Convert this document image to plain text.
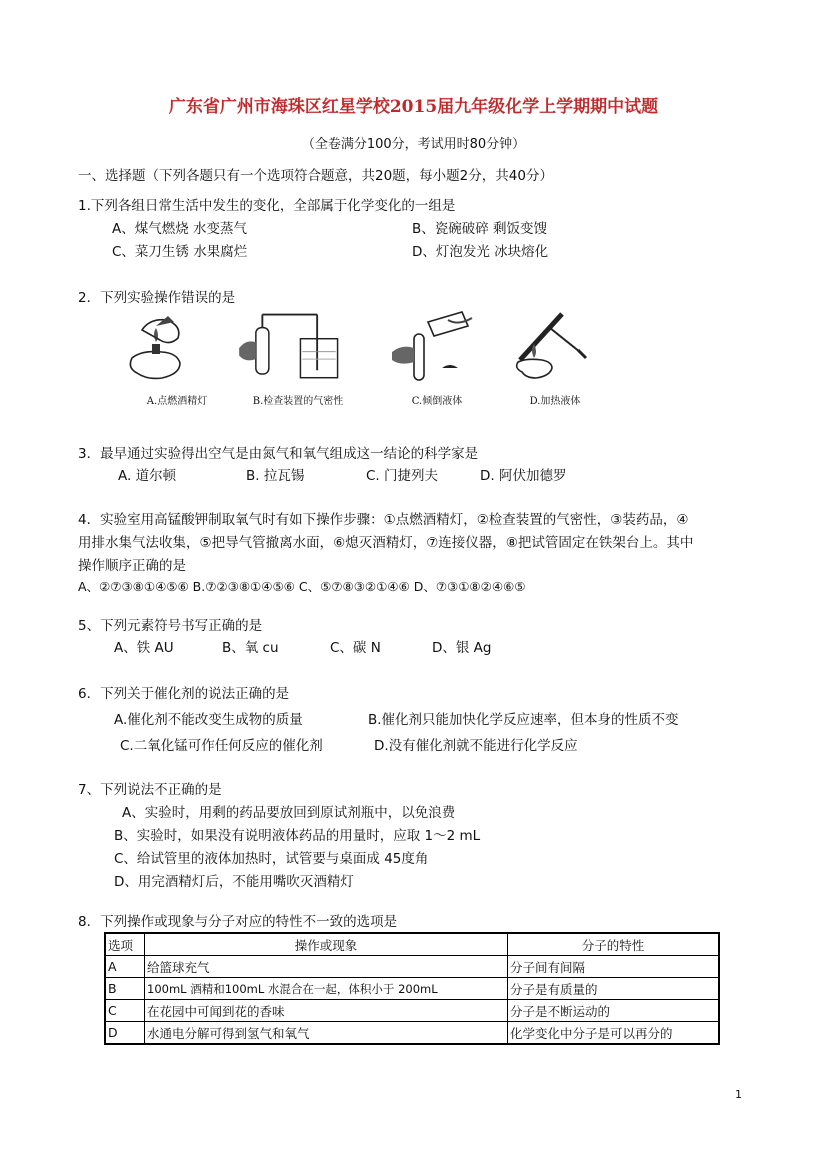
广东省广州市海珠区红星学校2015届九年级化学上学期期中试题
（全卷满分100分，考试用时80分钟）
一、选择题（下列各题只有一个选项符合题意，共20题，每小题2分，共40分）
1.下列各组日常生活中发生的变化，全部属于化学变化的一组是
A、煤气燃烧 水变蒸气	B、瓷碗破碎 剩饭变馊
C、菜刀生锈 水果腐烂	D、灯泡发光 冰块熔化
2．下列实验操作错误的是
A.点燃酒精灯	B.检查装置的气密性	C.倾倒液体	D.加热液体
3．最早通过实验得出空气是由氮气和氧气组成这一结论的科学家是
A. 道尔顿	B. 拉瓦锡	C. 门捷列夫	D. 阿伏加德罗
4．实验室用高锰酸钾制取氧气时有如下操作步骤：①点燃酒精灯，②检查装置的气密性，③装药品，④
用排水集气法收集，⑤把导气管撤离水面，⑥熄灭酒精灯，⑦连接仪器，⑧把试管固定在铁架台上。其中
操作顺序正确的是
A、②⑦③⑧①④⑤⑥ B.⑦②③⑧①④⑤⑥ C、⑤⑦⑧③②①④⑥ D、⑦③①⑧②④⑥⑤
5、下列元素符号书写正确的是
A、铁 AU	B、氧 cu	C、碳 N	D、银 Ag
6．下列关于催化剂的说法正确的是
A.催化剂不能改变生成物的质量	B.催化剂只能加快化学反应速率，但本身的性质不变
C.二氧化锰可作任何反应的催化剂	D.没有催化剂就不能进行化学反应
7、下列说法不正确的是
A、实验时，用剩的药品要放回到原试剂瓶中，以免浪费
B、实验时，如果没有说明液体药品的用量时，应取 1～2 mL
C、给试管里的液体加热时，试管要与桌面成 45度角
D、用完酒精灯后，不能用嘴吹灭酒精灯
8．下列操作或现象与分子对应的特性不一致的选项是
选项	操作或现象	分子的特性
A	给篮球充气	分子间有间隔
B	100mL 酒精和100mL 水混合在一起，体积小于 200mL	分子是有质量的
C	在花园中可闻到花的香味	分子是不断运动的
D	水通电分解可得到氢气和氧气	化学变化中分子是可以再分的
1
